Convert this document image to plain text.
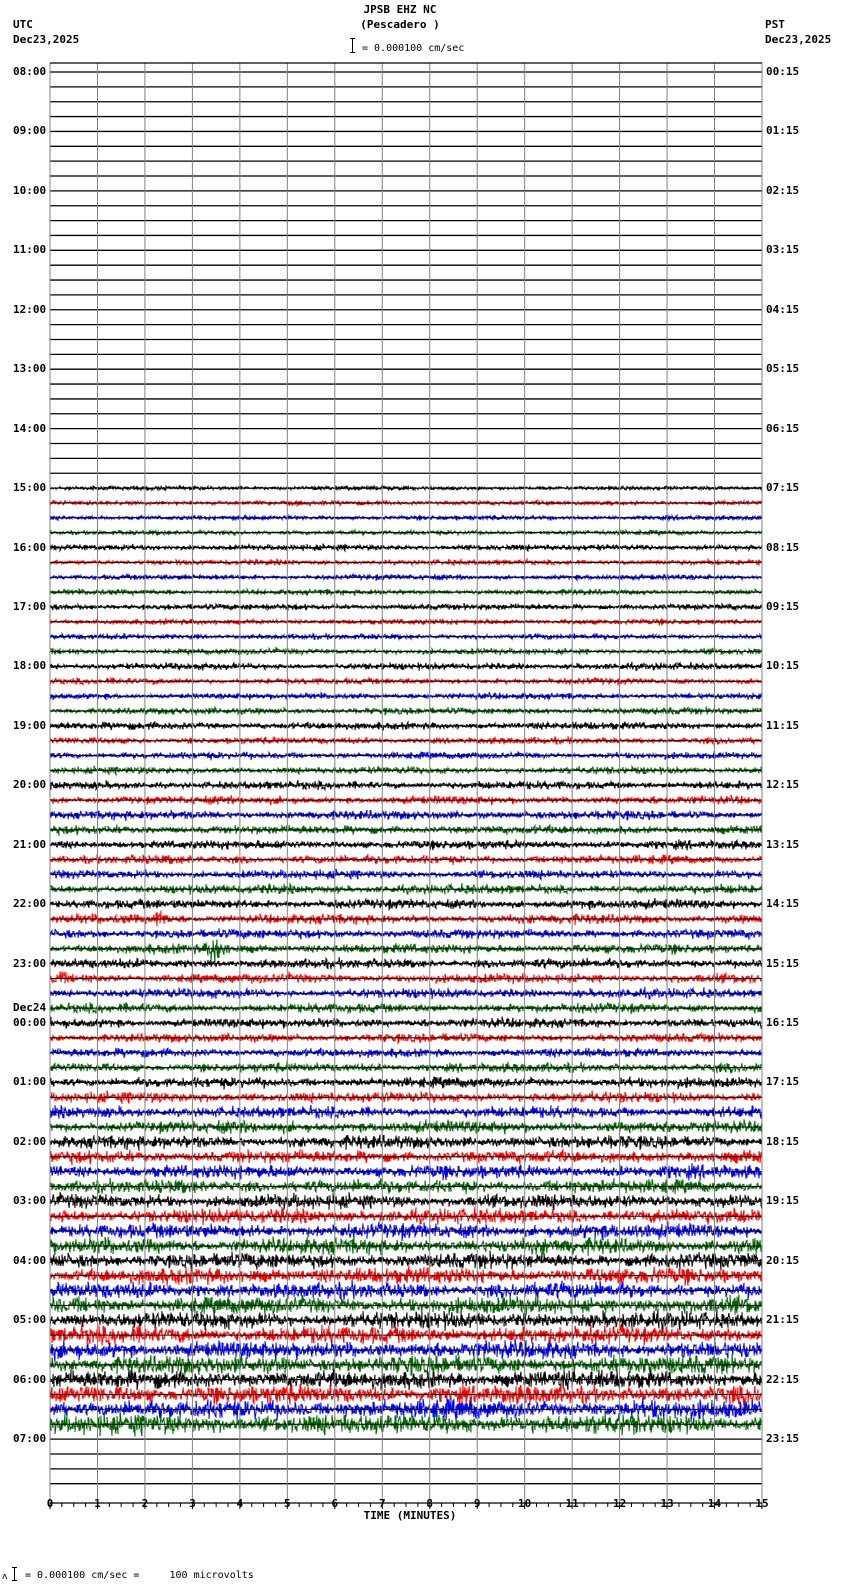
JPSB EHZ NC
(Pescadero )
UTC
Dec23,2025
PST
Dec23,2025
= 0.000100 cm/sec
08:00
09:00
10:00
11:00
12:00
13:00
14:00
15:00
16:00
17:00
18:00
19:00
20:00
21:00
22:00
23:00
00:00
Dec24
01:00
02:00
03:00
04:00
05:00
06:00
07:00
00:15
01:15
02:15
03:15
04:15
05:15
06:15
07:15
08:15
09:15
10:15
11:15
12:15
13:15
14:15
15:15
16:15
17:15
18:15
19:15
20:15
21:15
22:15
23:15
0	1	2	3	4	5	6	7	8	9	10	11	12	13	14	15
TIME (MINUTES)
ʌ = 0.000100 cm/sec =     100 microvolts
